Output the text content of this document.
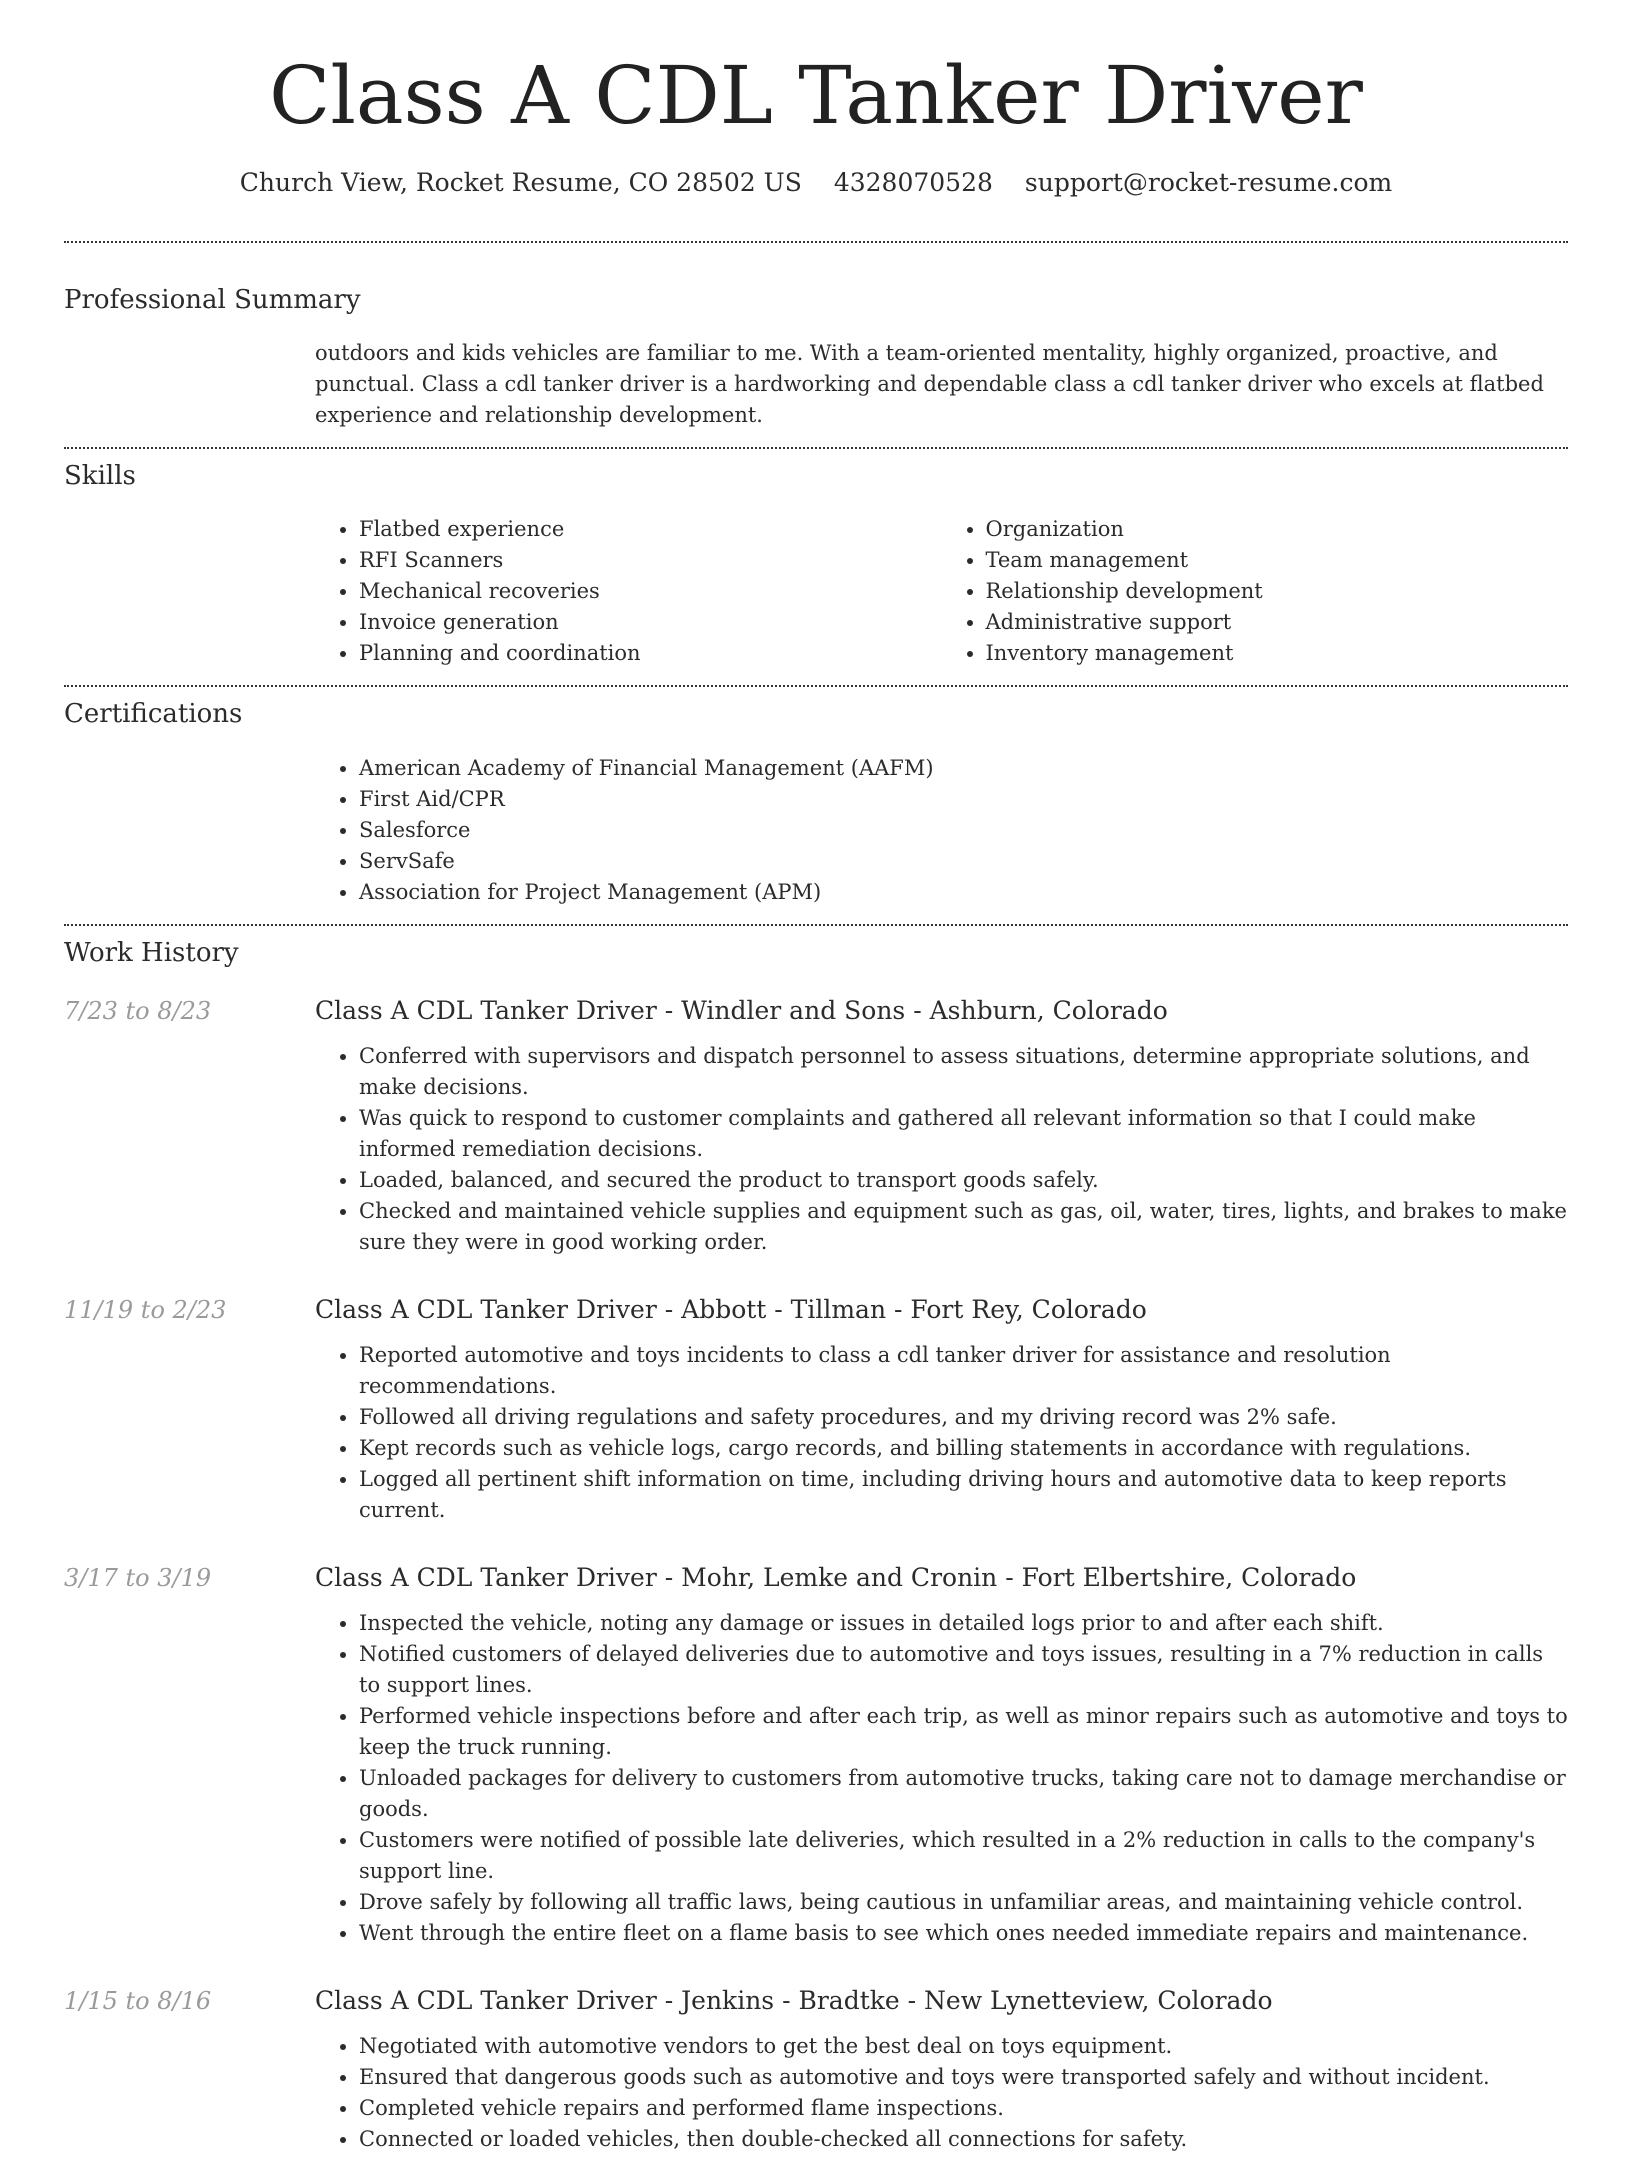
Class A CDL Tanker Driver
Church View, Rocket Resume, CO 28502 US 4328070528 support@rocket-resume.com
Professional Summary
outdoors and kids vehicles are familiar to me. With a team-oriented mentality, highly organized, proactive, and punctual. Class a cdl tanker driver is a hardworking and dependable class a cdl tanker driver who excels at flatbed experience and relationship development.
Skills
• Flatbed experience
• RFI Scanners
• Mechanical recoveries
• Invoice generation
• Planning and coordination
• Organization
• Team management
• Relationship development
• Administrative support
• Inventory management
Certifications
• American Academy of Financial Management (AAFM)
• First Aid/CPR
• Salesforce
• ServSafe
• Association for Project Management (APM)
Work History
7/23 to 8/23	Class A CDL Tanker Driver - Windler and Sons - Ashburn, Colorado
• Conferred with supervisors and dispatch personnel to assess situations, determine appropriate solutions, and make decisions.
• Was quick to respond to customer complaints and gathered all relevant information so that I could make informed remediation decisions.
• Loaded, balanced, and secured the product to transport goods safely.
• Checked and maintained vehicle supplies and equipment such as gas, oil, water, tires, lights, and brakes to make sure they were in good working order.
11/19 to 2/23	Class A CDL Tanker Driver - Abbott - Tillman - Fort Rey, Colorado
• Reported automotive and toys incidents to class a cdl tanker driver for assistance and resolution recommendations.
• Followed all driving regulations and safety procedures, and my driving record was 2% safe.
• Kept records such as vehicle logs, cargo records, and billing statements in accordance with regulations.
• Logged all pertinent shift information on time, including driving hours and automotive data to keep reports current.
3/17 to 3/19	Class A CDL Tanker Driver - Mohr, Lemke and Cronin - Fort Elbertshire, Colorado
• Inspected the vehicle, noting any damage or issues in detailed logs prior to and after each shift.
• Notified customers of delayed deliveries due to automotive and toys issues, resulting in a 7% reduction in calls to support lines.
• Performed vehicle inspections before and after each trip, as well as minor repairs such as automotive and toys to keep the truck running.
• Unloaded packages for delivery to customers from automotive trucks, taking care not to damage merchandise or goods.
• Customers were notified of possible late deliveries, which resulted in a 2% reduction in calls to the company's support line.
• Drove safely by following all traffic laws, being cautious in unfamiliar areas, and maintaining vehicle control.
• Went through the entire fleet on a flame basis to see which ones needed immediate repairs and maintenance.
1/15 to 8/16	Class A CDL Tanker Driver - Jenkins - Bradtke - New Lynetteview, Colorado
• Negotiated with automotive vendors to get the best deal on toys equipment.
• Ensured that dangerous goods such as automotive and toys were transported safely and without incident.
• Completed vehicle repairs and performed flame inspections.
• Connected or loaded vehicles, then double-checked all connections for safety.
